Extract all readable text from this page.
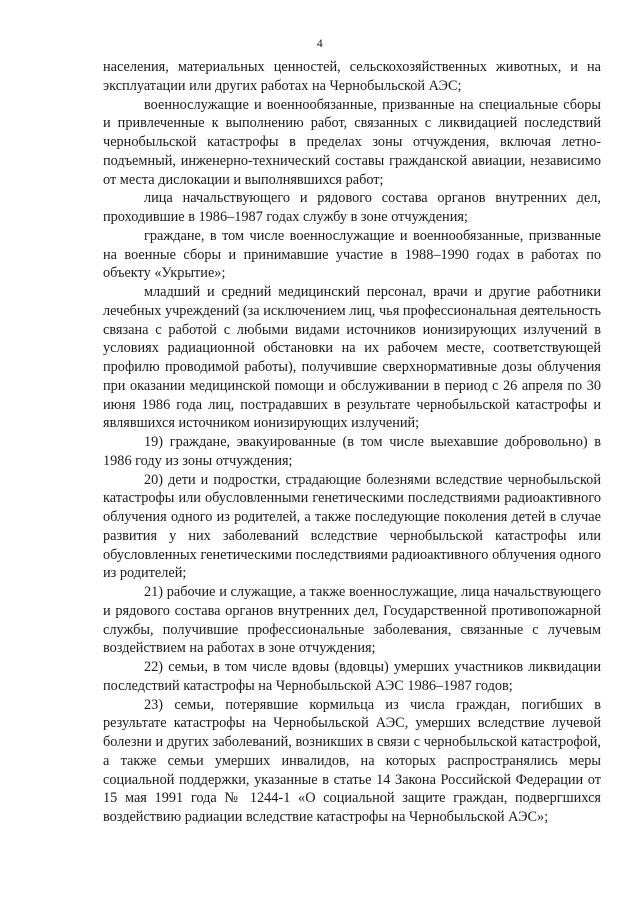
4

населения, материальных ценностей, сельскохозяйственных животных, и на эксплуатации или других работах на Чернобыльской АЭС;

военнослужащие и военнообязанные, призванные на специальные сборы и привлеченные к выполнению работ, связанных с ликвидацией последствий чернобыльской катастрофы в пределах зоны отчуждения, включая летно-подъемный, инженерно-технический составы гражданской авиации, независимо от места дислокации и выполнявшихся работ;

лица начальствующего и рядового состава органов внутренних дел, проходившие в 1986–1987 годах службу в зоне отчуждения;

граждане, в том числе военнослужащие и военнообязанные, призванные на военные сборы и принимавшие участие в 1988–1990 годах в работах по объекту «Укрытие»;

младший и средний медицинский персонал, врачи и другие работники лечебных учреждений (за исключением лиц, чья профессиональная деятельность связана с работой с любыми видами источников ионизирующих излучений в условиях радиационной обстановки на их рабочем месте, соответствующей профилю проводимой работы), получившие сверхнормативные дозы облучения при оказании медицинской помощи и обслуживании в период с 26 апреля по 30 июня 1986 года лиц, пострадавших в результате чернобыльской катастрофы и являвшихся источником ионизирующих излучений;

19) граждане, эвакуированные (в том числе выехавшие добровольно) в 1986 году из зоны отчуждения;

20) дети и подростки, страдающие болезнями вследствие чернобыльской катастрофы или обусловленными генетическими последствиями радиоактивного облучения одного из родителей, а также последующие поколения детей в случае развития у них заболеваний вследствие чернобыльской катастрофы или обусловленных генетическими последствиями радиоактивного облучения одного из родителей;

21) рабочие и служащие, а также военнослужащие, лица начальствующего и рядового состава органов внутренних дел, Государственной противопожарной службы, получившие профессиональные заболевания, связанные с лучевым воздействием на работах в зоне отчуждения;

22) семьи, в том числе вдовы (вдовцы) умерших участников ликвидации последствий катастрофы на Чернобыльской АЭС 1986–1987 годов;

23) семьи, потерявшие кормильца из числа граждан, погибших в результате катастрофы на Чернобыльской АЭС, умерших вследствие лучевой болезни и других заболеваний, возникших в связи с чернобыльской катастрофой, а также семьи умерших инвалидов, на которых распространялись меры социальной поддержки, указанные в статье 14 Закона Российской Федерации от 15 мая 1991 года № 1244-1 «О социальной защите граждан, подвергшихся воздействию радиации вследствие катастрофы на Чернобыльской АЭС»;
